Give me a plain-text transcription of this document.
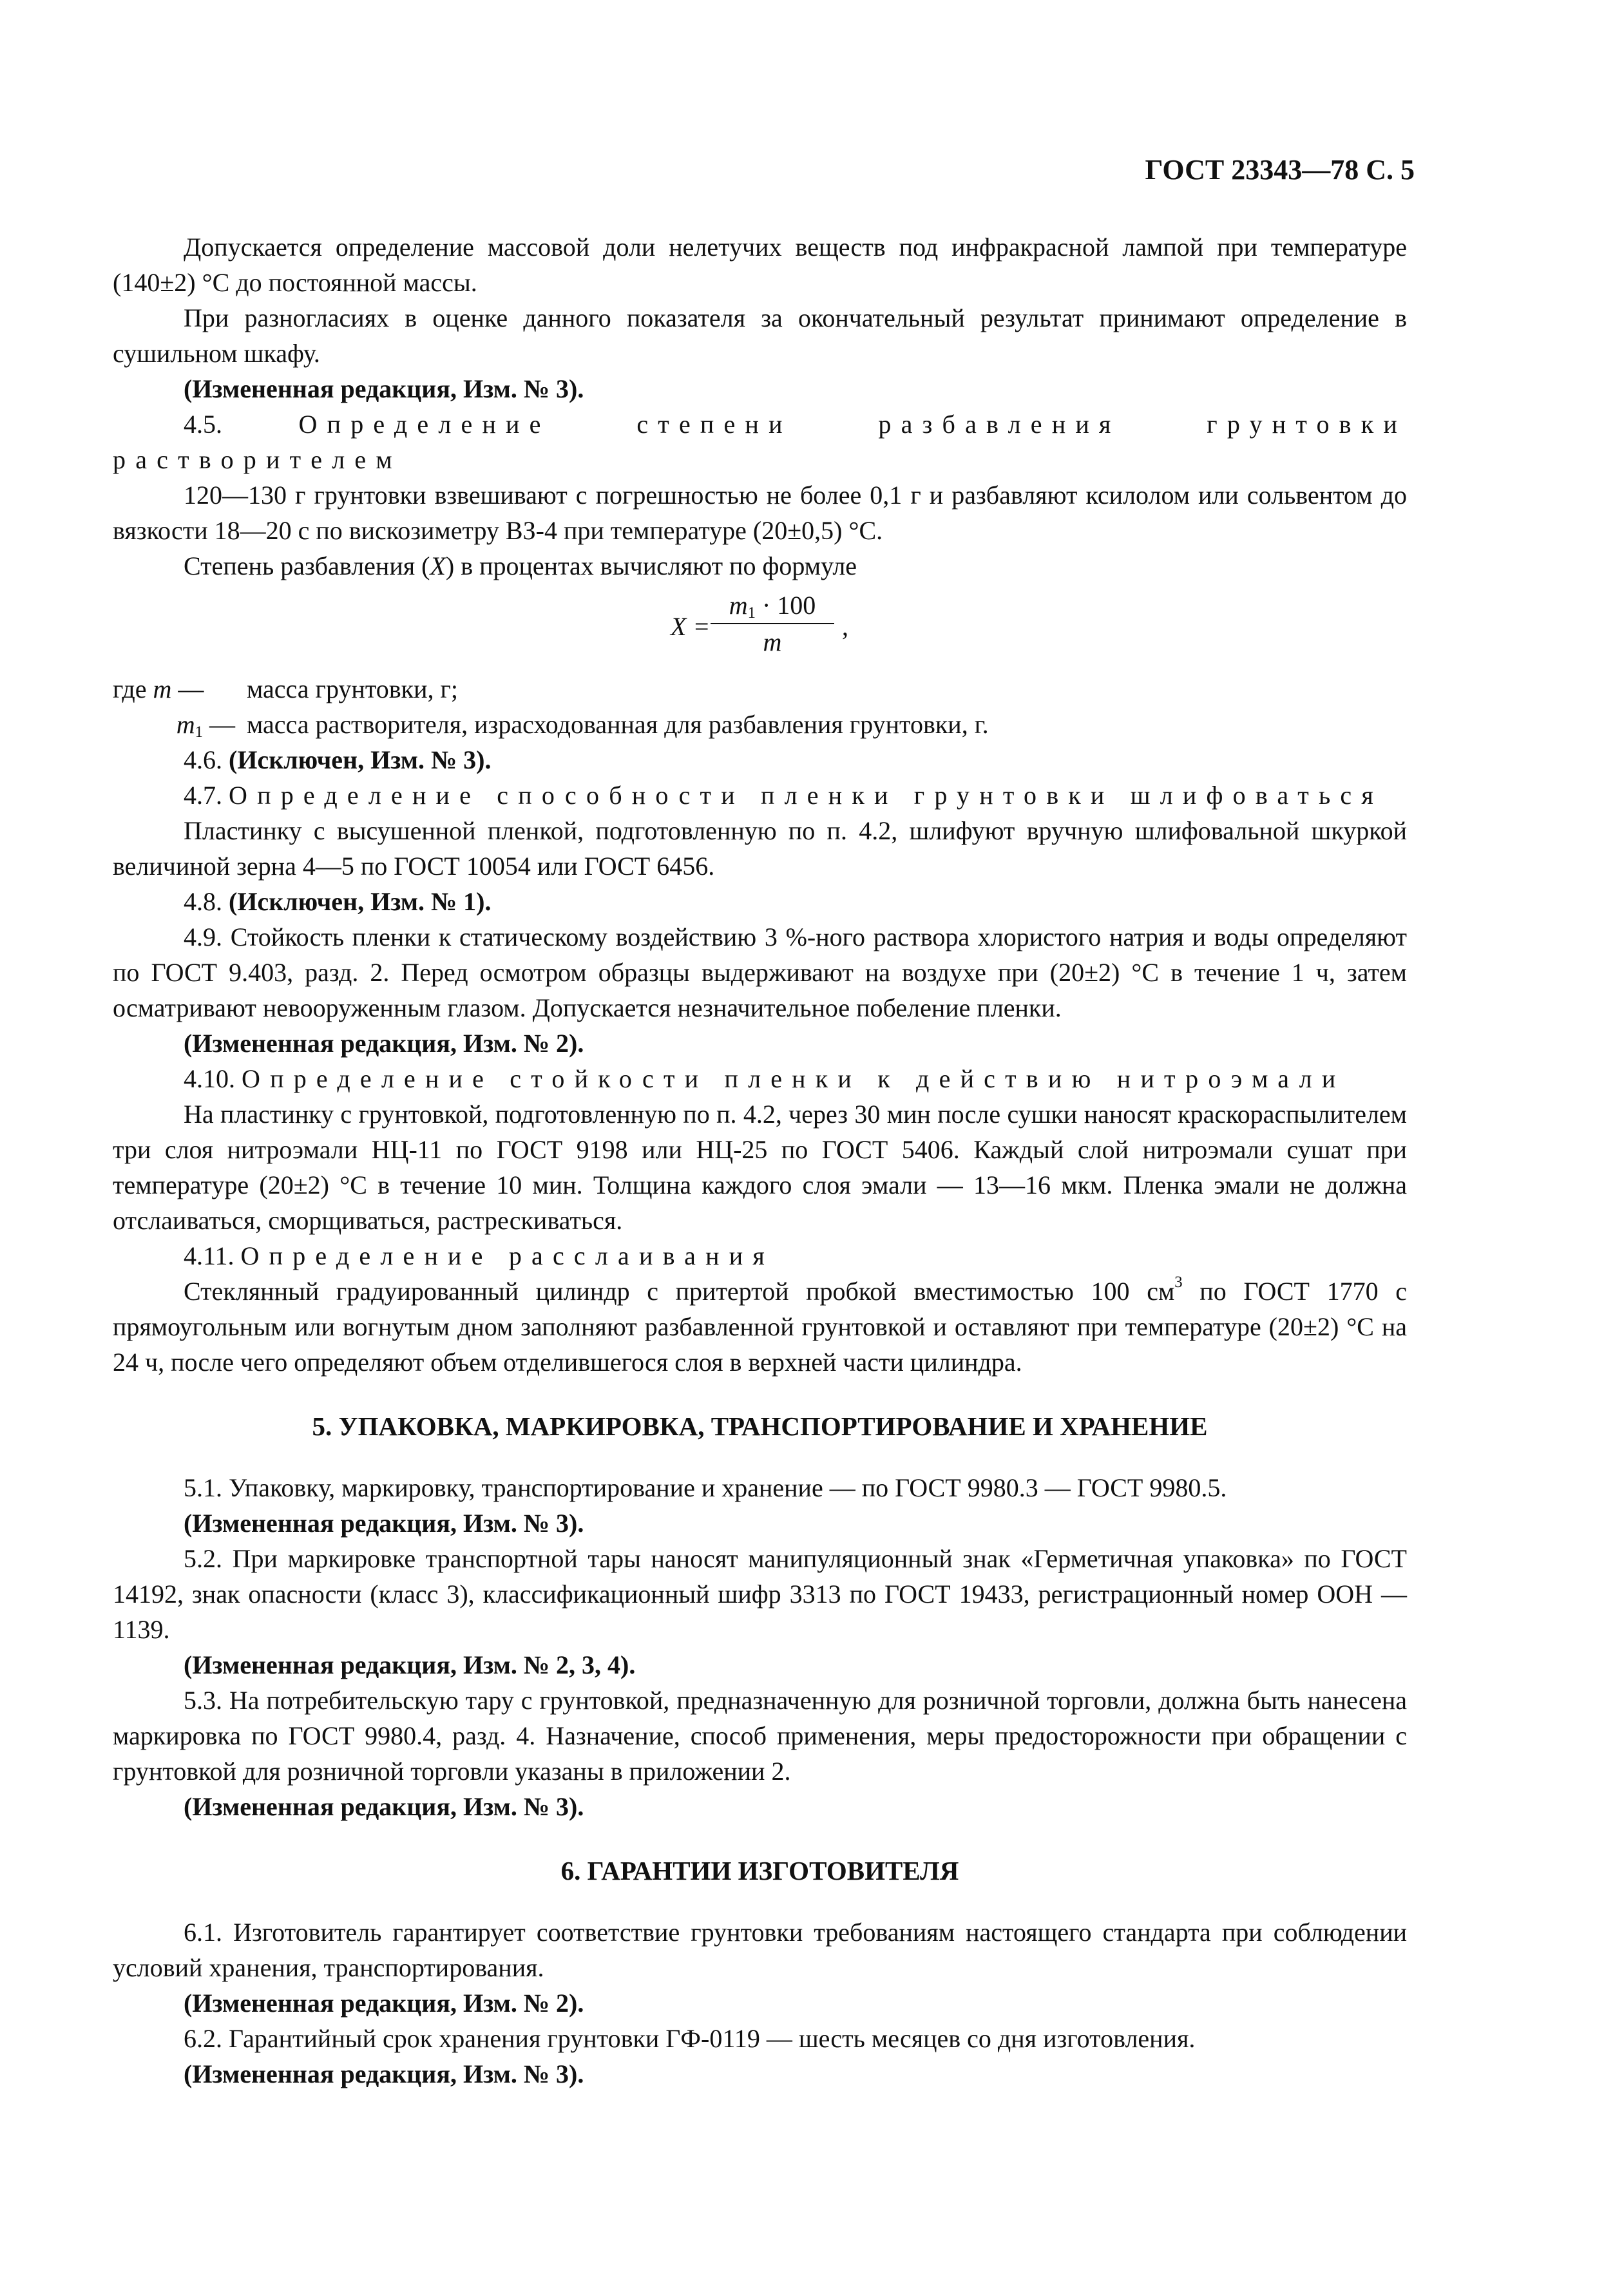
ГОСТ 23343—78 С. 5

Допускается определение массовой доли нелетучих веществ под инфракрасной лампой при температуре (140±2) °С до постоянной массы.

При разногласиях в оценке данного показателя за окончательный результат принимают определение в сушильном шкафу.

(Измененная редакция, Изм. № 3).

4.5.	Определение степени разбавления грунтовки растворителем

120—130 г грунтовки взвешивают с погрешностью не более 0,1 г и разбавляют ксилолом или сольвентом до вязкости 18—20 с по вискозиметру ВЗ-4 при температуре (20±0,5) °С.

Степень разбавления (X) в процентах вычисляют по формуле

X =
$m_1 \cdot 100$
m
,
где m —	масса грунтовки, г;
$m_1$ — масса растворителя, израсходованная для разбавления грунтовки, г.

4.6. (Исключен, Изм. № 3).

4.7. Определение способности пленки грунтовки шлифоваться

Пластинку с высушенной пленкой, подготовленную по п. 4.2, шлифуют вручную шлифовальной шкуркой величиной зерна 4—5 по ГОСТ 10054 или ГОСТ 6456.

4.8. (Исключен, Изм. № 1).

4.9. Стойкость пленки к статическому воздействию 3 %-ного раствора хлористого натрия и воды определяют по ГОСТ 9.403, разд. 2. Перед осмотром образцы выдерживают на воздухе при (20±2) °С в течение 1 ч, затем осматривают невооруженным глазом. Допускается незначительное побеление пленки.

(Измененная редакция, Изм. № 2).

4.10. Определение стойкости пленки к действию нитроэмали

На пластинку с грунтовкой, подготовленную по п. 4.2, через 30 мин после сушки наносят краскораспылителем три слоя нитроэмали НЦ-11 по ГОСТ 9198 или НЦ-25 по ГОСТ 5406. Каждый слой нитроэмали сушат при температуре (20±2) °С в течение 10 мин. Толщина каждого слоя эмали — 13—16 мкм. Пленка эмали не должна отслаиваться, сморщиваться, растрескиваться.

4.11. Определение расслаивания

Стеклянный градуированный цилиндр с притертой пробкой вместимостью 100 $см^3$ по ГОСТ 1770 с прямоугольным или вогнутым дном заполняют разбавленной грунтовкой и оставляют при температуре (20±2) °С на 24 ч, после чего определяют объем отделившегося слоя в верхней части цилиндра.

5. УПАКОВКА, МАРКИРОВКА, ТРАНСПОРТИРОВАНИЕ И ХРАНЕНИЕ

5.1. Упаковку, маркировку, транспортирование и хранение — по ГОСТ 9980.3 — ГОСТ 9980.5.

(Измененная редакция, Изм. № 3).

5.2. При маркировке транспортной тары наносят манипуляционный знак «Герметичная упаковка» по ГОСТ 14192, знак опасности (класс 3), классификационный шифр 3313 по ГОСТ 19433, регистрационный номер ООН — 1139.

(Измененная редакция, Изм. № 2, 3, 4).

5.3. На потребительскую тару с грунтовкой, предназначенную для розничной торговли, должна быть нанесена маркировка по ГОСТ 9980.4, разд. 4. Назначение, способ применения, меры предосторожности при обращении с грунтовкой для розничной торговли указаны в приложении 2.

(Измененная редакция, Изм. № 3).

6. ГАРАНТИИ ИЗГОТОВИТЕЛЯ

6.1. Изготовитель гарантирует соответствие грунтовки требованиям настоящего стандарта при соблюдении условий хранения, транспортирования.

(Измененная редакция, Изм. № 2).

6.2. Гарантийный срок хранения грунтовки ГФ-0119 — шесть месяцев со дня изготовления.

(Измененная редакция, Изм. № 3).
